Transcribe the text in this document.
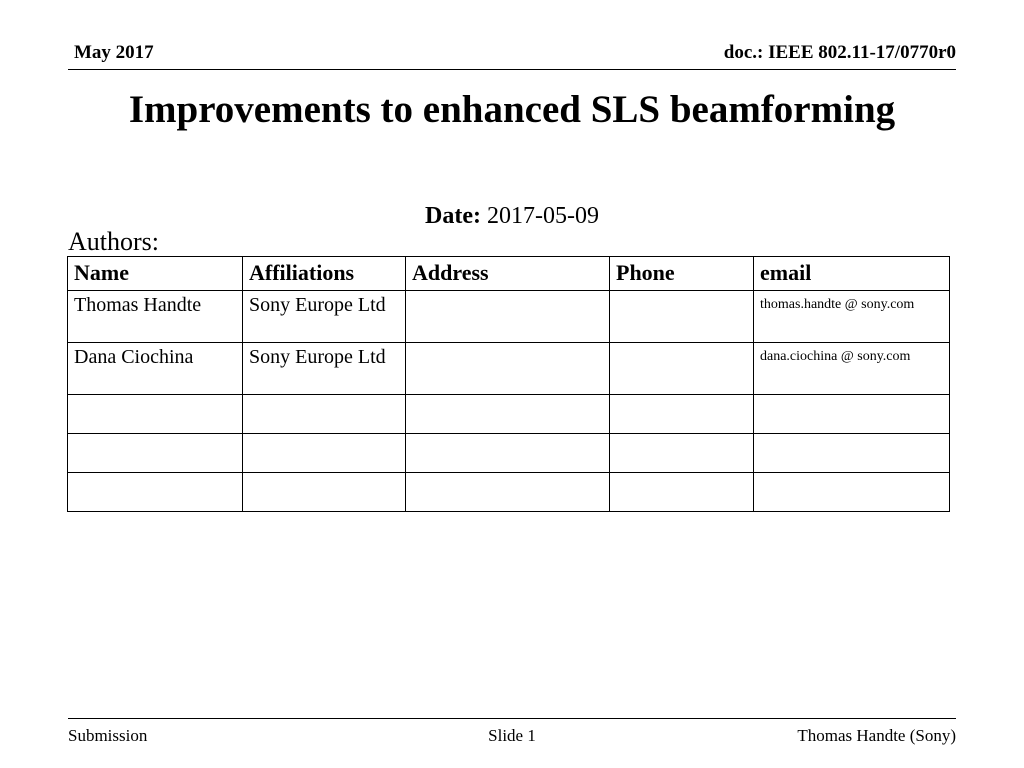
May 2017	doc.: IEEE 802.11-17/0770r0
Improvements to enhanced SLS beamforming
Date: 2017-05-09
Authors:
Name	Affiliations	Address	Phone	email
Thomas Handte	Sony Europe Ltd			thomas.handte @ sony.com
Dana Ciochina	Sony Europe Ltd			dana.ciochina @ sony.com

Submission	Slide 1	Thomas Handte (Sony)
